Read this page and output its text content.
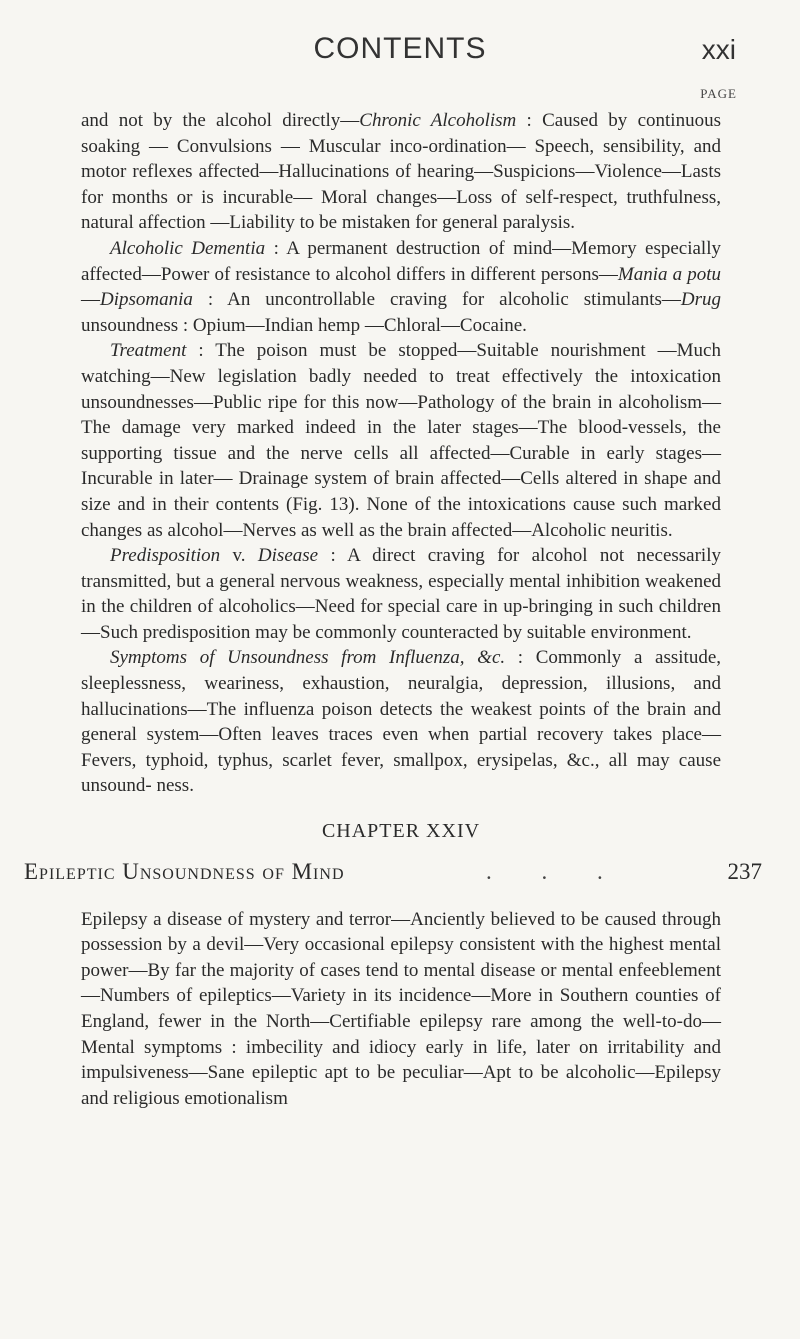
CONTENTS	xxi
PAGE

and not by the alcohol directly—Chronic Alcoholism : Caused by continuous soaking — Convulsions — Muscular inco-ordination— Speech, sensibility, and motor reflexes affected—Hallucinations of hearing—Suspicions—Violence—Lasts for months or is incurable— Moral changes—Loss of self-respect, truthfulness, natural affection —Liability to be mistaken for general paralysis.

Alcoholic Dementia : A permanent destruction of mind—Memory especially affected—Power of resistance to alcohol differs in different persons—Mania a potu—Dipsomania : An uncontrollable craving for alcoholic stimulants—Drug unsoundness : Opium—Indian hemp —Chloral—Cocaine.

Treatment : The poison must be stopped—Suitable nourishment —Much watching—New legislation badly needed to treat effectively the intoxication unsoundnesses—Public ripe for this now—Pathology of the brain in alcoholism—The damage very marked indeed in the later stages—The blood-vessels, the supporting tissue and the nerve cells all affected—Curable in early stages—Incurable in later— Drainage system of brain affected—Cells altered in shape and size and in their contents (Fig. 13). None of the intoxications cause such marked changes as alcohol—Nerves as well as the brain affected—Alcoholic neuritis.

Predisposition v. Disease : A direct craving for alcohol not necessarily transmitted, but a general nervous weakness, especially mental inhibition weakened in the children of alcoholics—Need for special care in up-bringing in such children—Such predisposition may be commonly counteracted by suitable environment.

Symptoms of Unsoundness from Influenza, &c. : Commonly a assitude, sleeplessness, weariness, exhaustion, neuralgia, depression, illusions, and hallucinations—The influenza poison detects the weakest points of the brain and general system—Often leaves traces even when partial recovery takes place—Fevers, typhoid, typhus, scarlet fever, smallpox, erysipelas, &c., all may cause unsound- ness.

CHAPTER XXIV
Epileptic Unsoundness of Mind	. . .	237

Epilepsy a disease of mystery and terror—Anciently believed to be caused through possession by a devil—Very occasional epilepsy consistent with the highest mental power—By far the majority of cases tend to mental disease or mental enfeeblement—Numbers of epileptics—Variety in its incidence—More in Southern counties of England, fewer in the North—Certifiable epilepsy rare among the well-to-do—Mental symptoms : imbecility and idiocy early in life, later on irritability and impulsiveness—Sane epileptic apt to be peculiar—Apt to be alcoholic—Epilepsy and religious emotionalism
